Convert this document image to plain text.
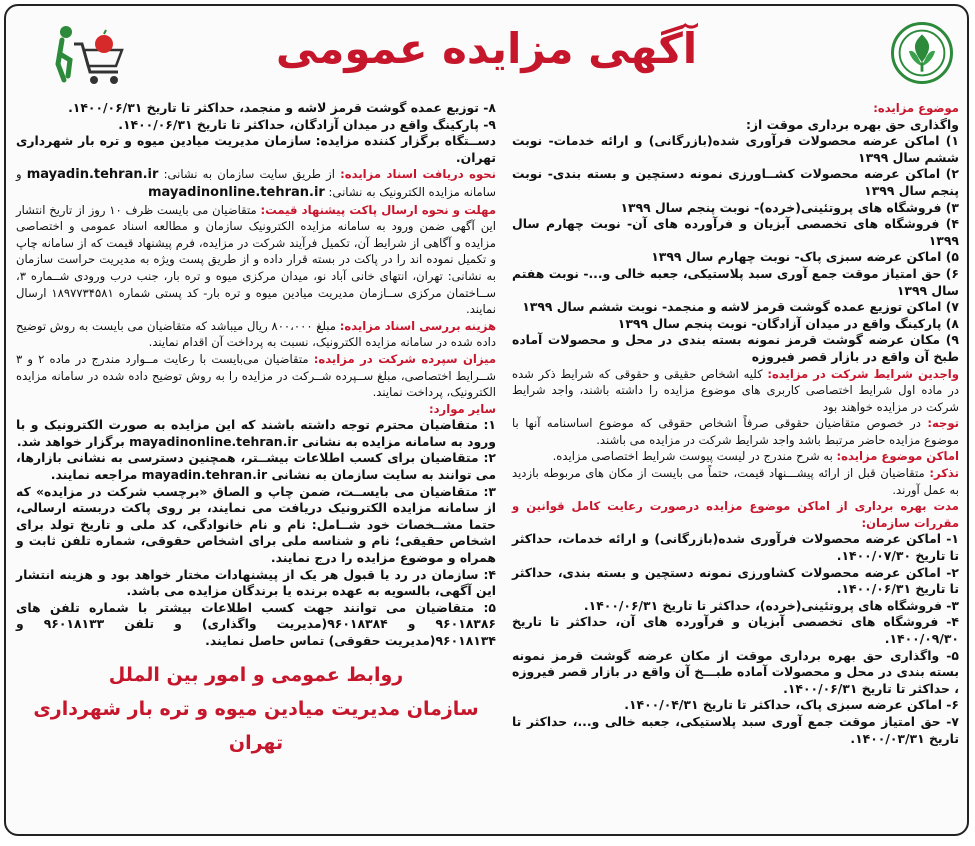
آگهی مزایده عمومی

موضوع مزایده:

واگذاری حق بهره برداری موقت از:

۱) اماکن عرضه محصولات فرآوری شده(بازرگانی) و ارائه خدمات- نوبت ششم سال ۱۳۹۹

۲) اماکن عرضه محصولات کشــاورزی نمونه دستچین و بسته بندی- نوبت پنجم سال ۱۳۹۹

۳) فروشگاه های پروتئینی(خرده)- نوبت پنجم سال ۱۳۹۹

۴) فروشگاه های تخصصی آبزیان و فرآورده های آن- نوبت چهارم سال ۱۳۹۹

۵) اماکن عرضه سبزی پاک- نوبت چهارم سال ۱۳۹۹

۶) حق امتیاز موقت جمع آوری سبد پلاستیکی، جعبه خالی و...- نوبت هفتم سال ۱۳۹۹

۷) اماکن توزیع عمده گوشت قرمز لاشه و منجمد- نوبت ششم سال ۱۳۹۹

۸) پارکینگ واقع در میدان آزادگان- نوبت پنجم سال ۱۳۹۹

۹) مکان عرضه گوشت قرمز نمونه بسته بندی در محل و محصولات آماده طبخ آن واقع در بازار قصر فیروزه

واجدین شرایط شرکت در مزایده: کلیه اشخاص حقیقی و حقوقی که شرایط ذکر شده در ماده اول شرایط اختصاصی کاربری های موضوع مزایده را داشته باشند، واجد شرایط شرکت در مزایده خواهند بود

توجه: در خصوص متقاضیان حقوقی صرفاً اشخاص حقوقی که موضوع اساسنامه آنها با موضوع مزایده حاضر مرتبط باشد واجد شرایط شرکت در مزایده می باشند.

اماکن موضوع مزایده: به شرح مندرج در لیست پیوست شرایط اختصاصی مزایده.

تذکر: متقاضیان قبل از ارائه پیشـــنهاد قیمت، حتماً می بایست از مکان های مربوطه بازدید به عمل آورند.

مدت بهره برداری از اماکن موضوع مزایده درصورت رعایت کامل قوانین و مقررات سازمان:

۱- اماکن عرضه محصولات فرآوری شده(بازرگانی) و ارائه خدمات، حداکثر تا تاریخ ۱۴۰۰/۰۷/۳۰.

۲- اماکن عرضه محصولات کشاورزی نمونه دستچین و بسته بندی، حداکثر تا تاریخ ۱۴۰۰/۰۶/۳۱.

۳- فروشگاه های پروتئینی(خرده)، حداکثر تا تاریخ ۱۴۰۰/۰۶/۳۱.

۴- فروشگاه های تخصصی آبزیان و فرآورده های آن، حداکثر تا تاریخ ۱۴۰۰/۰۹/۳۰.

۵- واگذاری حق بهره برداری موقت از مکان عرضه گوشت قرمز نمونه بسته بندی در محل و محصولات آماده طبـــخ آن واقع در بازار قصر فیروزه ، حداکثر تا تاریخ ۱۴۰۰/۰۶/۳۱.

۶- اماکن عرضه سبزی پاک، حداکثر تا تاریخ ۱۴۰۰/۰۴/۳۱.

۷- حق امتیاز موقت جمع آوری سبد پلاستیکی، جعبه خالی و...، حداکثر تا تاریخ ۱۴۰۰/۰۳/۳۱.

۸- توزیع عمده گوشت قرمز لاشه و منجمد، حداکثر تا تاریخ ۱۴۰۰/۰۶/۳۱.

۹- پارکینگ واقع در میدان آزادگان، حداکثر تا تاریخ ۱۴۰۰/۰۶/۳۱.

دســتگاه برگزار کننده مزایده: سازمان مدیریت میادین میوه و تره بار شهرداری تهران.

نحوه دریافت اسناد مزایده: از طریق سایت سازمان به نشانی: mayadin.tehran.ir و سامانه مزایده الکترونیک به نشانی: mayadinonline.tehran.ir

مهلت و نحوه ارسال پاکت پیشنهاد قیمت: متقاضیان می بایست ظرف ۱۰ روز از تاریخ انتشار این آگهی ضمن ورود به سامانه مزایده الکترونیک سازمان و مطالعه اسناد عمومی و اختصاصی مزایده و آگاهی از شرایط آن، تکمیل فرآیند شرکت در مزایده، فرم پیشنهاد قیمت که از سامانه چاپ و تکمیل نموده اند را در پاکت در بسته قرار داده و از طریق پست ویژه به مدیریت حراست سازمان به نشانی: تهران، انتهای خانی آباد نو، میدان مرکزی میوه و تره بار، جنب درب ورودی شــماره ۳، ســاختمان مرکزی ســازمان مدیریت میادین میوه و تره بار- کد پستی شماره ۱۸۹۷۷۳۴۵۸۱ ارسال نمایند.

هزینه بررسی اسناد مزایده: مبلغ ۸۰۰،۰۰۰ ریال میباشد که متقاضیان می بایست به روش توضیح داده شده در سامانه مزایده الکترونیک، نسبت به پرداخت آن اقدام نمایند.

میزان سپرده شرکت در مزایده: متقاضیان می‌بایست با رعایت مــوارد مندرج در ماده ۲ و ۳ شــرایط اختصاصی، مبلغ ســپرده شــرکت در مزایده را به روش توضیح داده شده در سامانه مزایده الکترونیک، پرداخت نمایند.

سایر موارد:

۱: متقاضیان محترم توجه داشته باشند که این مزایده به صورت الکترونیک و با ورود به سامانه مزایده به نشانی mayadinonline.tehran.ir برگزار خواهد شد.

۲: متقاضیان برای کسب اطلاعات بیشــتر، همچنین دسترسی به نشانی بازارها، می توانند به سایت سازمان به نشانی mayadin.tehran.ir مراجعه نمایند.

۳: متقاضیان می بایســت، ضمن چاپ و الصاق «برچسب شرکت در مزایده» که از سامانه مزایده الکترونیک دریافت می نمایند، بر روی پاکت دربسته ارسالی، حتما مشــخصات خود شــامل: نام و نام خانوادگی، کد ملی و تاریخ تولد برای اشخاص حقیقی؛ نام و شناسه ملی برای اشخاص حقوقی، شماره تلفن ثابت و همراه و موضوع مزایده را درج نمایند.

۴: سازمان در رد یا قبول هر یک از پیشنهادات مختار خواهد بود و هزینه انتشار این آگهی، بالسویه به عهده برنده یا برندگان مزایده می باشد.

۵: متقاضیان می توانند جهت کسب اطلاعات بیشتر با شماره تلفن های ۹۶۰۱۸۳۸۶ و ۹۶۰۱۸۳۸۴(مدیریت واگذاری) و تلفن ۹۶۰۱۸۱۳۳ و ۹۶۰۱۸۱۳۴(مدیریت حقوقی) تماس حاصل نمایند.

روابط عمومی و امور بین الملل
سازمان مدیریت میادین میوه و تره بار شهرداری تهران
